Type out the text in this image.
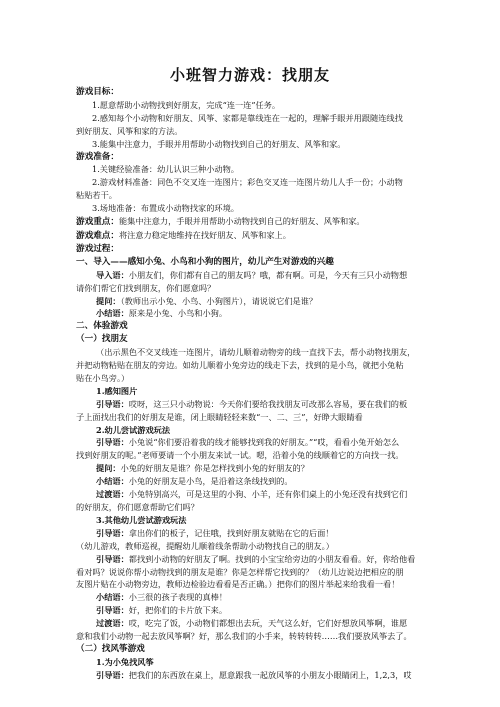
小班智力游戏：找朋友

游戏目标：

1.愿意帮助小动物找到好朋友，完成“连一连”任务。

2.感知每个小动物和好朋友、风筝、家都是靠线连在一起的，理解手眼并用跟随连线找

到好朋友、风筝和家的方法。

3.能集中注意力，手眼并用帮助小动物找到自己的好朋友、风筝和家。

游戏准备：

1.关键经验准备：幼儿认识三种小动物。

2.游戏材料准备：同色不交叉连一连图片；彩色交叉连一连图片幼儿人手一份；小动物

粘贴若干。

3.场地准备：布置成小动物找家的环境。

游戏重点：能集中注意力，手眼并用帮助小动物找到自己的好朋友、风筝和家。

游戏难点：将注意力稳定地维持在找好朋友、风筝和家上。

游戏过程：

一、导入——感知小兔、小鸟和小狗的图片，幼儿产生对游戏的兴趣

导入语：小朋友们，你们都有自己的朋友吗？哦，都有啊。可是，今天有三只小动物想

请你们帮它们找到朋友，你们愿意吗？

提问：（教师出示小兔、小鸟、小狗图片），请说说它们是谁？

小结语：原来是小兔、小鸟和小狗。

二、体验游戏

（一）找朋友

（出示黑色不交叉线连一连图片，请幼儿顺着动物旁的线一直找下去，帮小动物找朋友，

并把动物粘贴在朋友的旁边。如幼儿顺着小兔旁边的线走下去，找到的是小鸟，就把小兔粘

贴在小鸟旁。）

1.感知图片

引导语：哎呀，这三只小动物说：今天你们要给我找朋友可改那么容易，要在我们的板

子上面找出我们的好朋友是谁，闭上眼睛轻轻来数“一、二、三”，好睁大眼睛看

2.幼儿尝试游戏玩法

引导语：小兔说“你们要沿着我的线才能够找到我的好朋友。”“哎，看看小兔开始怎么

找到好朋友的呢。”老师要请一个小朋友来试一试。嗯，沿着小兔的线顺着它的方向找一找。

提问：小兔的好朋友是谁？你是怎样找到小兔的好朋友的？

小结语：小兔的好朋友是小鸟，是沿着这条线找到的。

过渡语：小兔特别高兴，可是这里的小狗、小羊，还有你们桌上的小兔还没有找到它们

的好朋友，你们愿意帮助它们吗？

3.其他幼儿尝试游戏玩法

引导语：拿出你们的板子，记住哦，找到好朋友就贴在它的后面！

（幼儿游戏，教师巡视，提醒幼儿顺着线条帮助小动物找自己的朋友。）

引导语：都找到小动物的好朋友了啊。找到的小宝宝给旁边的小朋友看看。好，你给他看

看对吗？说说你帮小动物找到的朋友是谁？你是怎样帮它找到的？（幼儿边说边把相应的朋

友图片贴在小动物旁边，教师边检验边看看是否正确。）把你们的图片举起来给我看一看！

小结语：小三很的孩子表现的真棒！

引导语：好，把你们的卡片放下来。

过渡语：哎，吃完了饭，小动物们都想出去玩，天气这么好，它们好想放风筝啊，谁愿

意和我们小动物一起去放风筝啊？好，那么我们的小手来，转转转转……我们要放风筝去了。

（二）找风筝游戏

1.为小兔找风筝

引导语：把我们的东西放在桌上，愿意跟我一起放风筝的小朋友小眼睛闭上，1,2,3，哎
